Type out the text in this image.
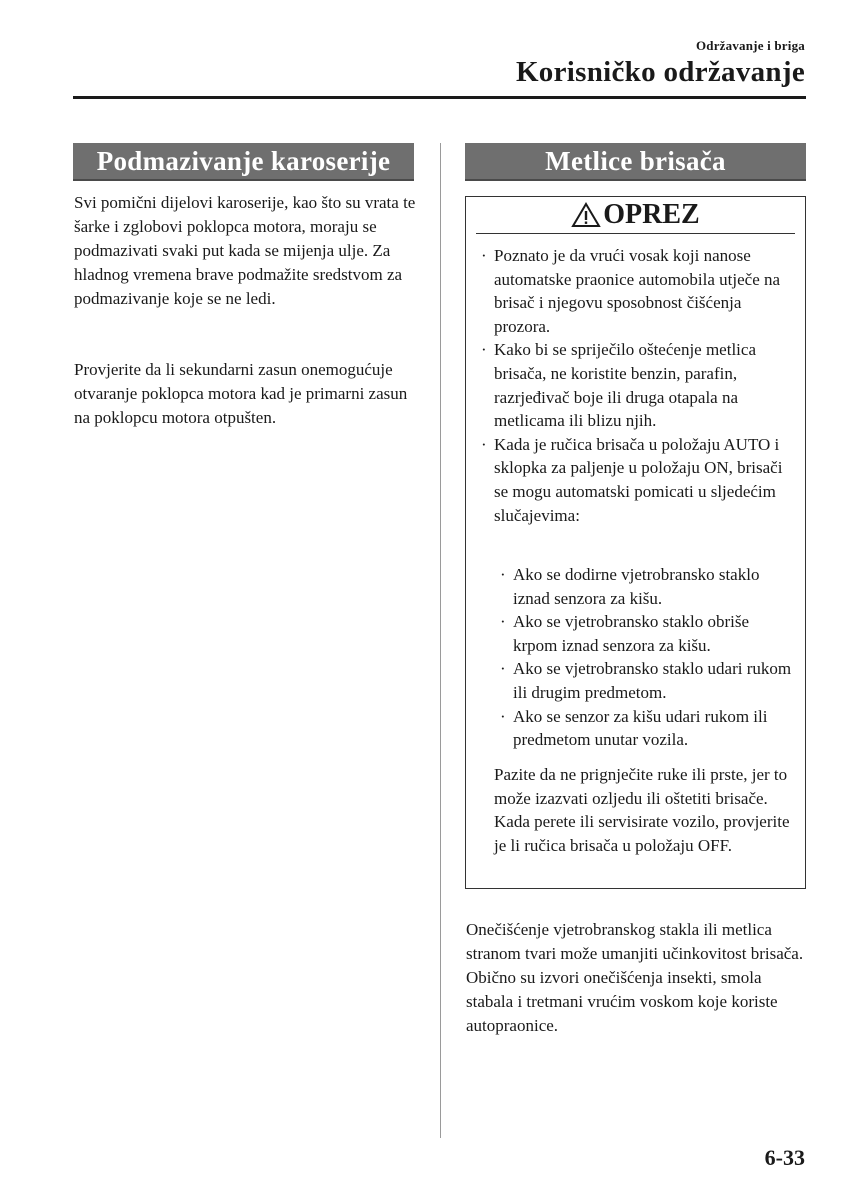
Održavanje i briga
Korisničko održavanje
Podmazivanje karoserije

Svi pomični dijelovi karoserije, kao što su vrata te šarke i zglobovi poklopca motora, moraju se podmazivati svaki put kada se mijenja ulje. Za hladnog vremena brave podmažite sredstvom za podmazivanje koje se ne ledi.

Provjerite da li sekundarni zasun onemogućuje otvaranje poklopca motora kad je primarni zasun na poklopcu motora otpušten.

Metlice brisača
OPREZ
· Poznato je da vrući vosak koji nanose automatske praonice automobila utječe na brisač i njegovu sposobnost čišćenja prozora.
· Kako bi se spriječilo oštećenje metlica brisača, ne koristite benzin, parafin, razrjeđivač boje ili druga otapala na metlicama ili blizu njih.
· Kada je ručica brisača u položaju AUTO i sklopka za paljenje u položaju ON, brisači se mogu automatski pomicati u sljedećim slučajevima:
· Ako se dodirne vjetrobransko staklo iznad senzora za kišu.
· Ako se vjetrobransko staklo obriše krpom iznad senzora za kišu.
· Ako se vjetrobransko staklo udari rukom ili drugim predmetom.
· Ako se senzor za kišu udari rukom ili predmetom unutar vozila.

Pazite da ne prignječite ruke ili prste, jer to može izazvati ozljedu ili oštetiti brisače. Kada perete ili servisirate vozilo, provjerite je li ručica brisača u položaju OFF.

Onečišćenje vjetrobranskog stakla ili metlica stranom tvari može umanjiti učinkovitost brisača. Obično su izvori onečišćenja insekti, smola stabala i tretmani vrućim voskom koje koriste autopraonice.

6-33
